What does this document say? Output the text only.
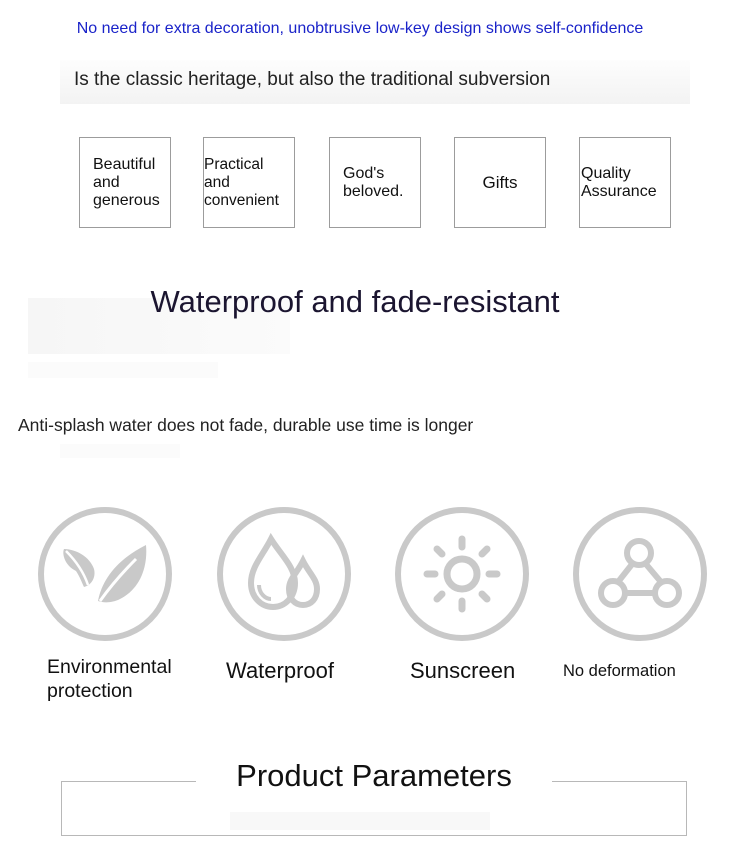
No need for extra decoration, unobtrusive low-key design shows self-confidence
Is the classic heritage, but also the traditional subversion
Beautiful
and
generous
Practical
and
convenient
God's
beloved.	Gifts	Quality
Assurance
Waterproof and fade-resistant
Anti-splash water does not fade, durable use time is longer
Environmental
protection
Waterproof	Sunscreen	No deformation
Product Parameters
